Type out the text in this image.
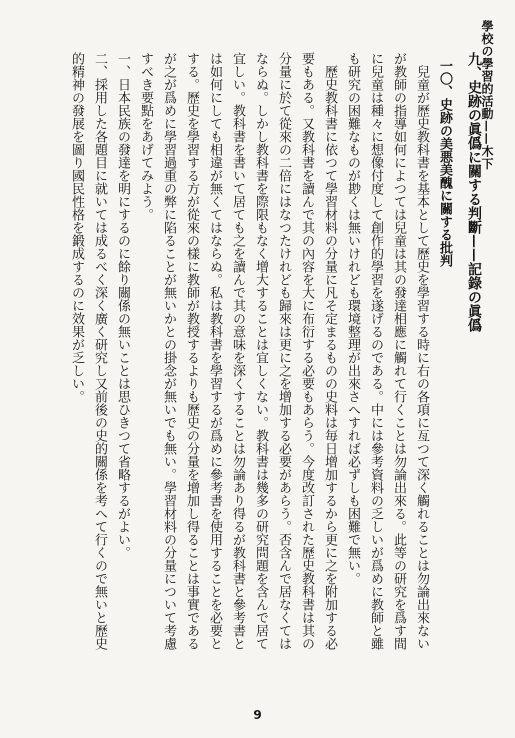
學校の學習的活動——木下

九、史跡の眞僞に關する判斷——記錄の眞僞

一〇、史跡の美悪美醜に關する批判

兒童が歷史教科書を基本として歷史を學習する時に右の各項に亙つて深く觸れることは勿論出來ないが教師の指導如何によつては兒童は其の發達相應に觸れて行くことは勿論出來る。此等の研究を爲す間に兒童は種々に想像付度して創作的學習を遂げるのである。中には參考資料の乏しいが爲めに教師と雖も研究の困難なものが尠くは無いけれども環境整理が出來さへすれば必ずしも困難で無い。

歷史教科書に依つて學習材料の分量に凡そ定まるものの史料は毎日增加するから更に之を附加する必要もある。又教科書を讀んで其の內容を大に布衍する必要もあらう。今度改訂された歷史教科書は其の分量に於て從來の二倍にはなつたけれども歸來は更に之を增加する必要があらう。否含んで居なくてはならぬ。しかし教科書を際限もなく增大することは宜しくない。教科書は幾多の研究問題を含んで居て宜しい。教科書を書いて居ても之を讀んで其の意味を深くすることは勿論あり得るが教科書と參考書とは如何にしても相違が無くてはならぬ。私は教科書を學習するが爲めに參考書を使用することを必要とする。歷史を學習する方が從來の樣に教師が教授するよりも歷史の分量を增加し得ることは事實であるが之が爲めに學習過重の弊に陷ることが無いかとの掛念が無いでも無い。學習材料の分量について考慮すべき要點をあげてみよう。

一、日本民族の發達を明にするのに餘り關係の無いことは思ひきつて省略するがよい。

二、採用した各題目に就いては成るべく深く廣く研究し又前後の史的關係を考へて行くので無いと歷史的精神の發展を圖り國民性格を鍛成するのに效果が乏しい。

9
